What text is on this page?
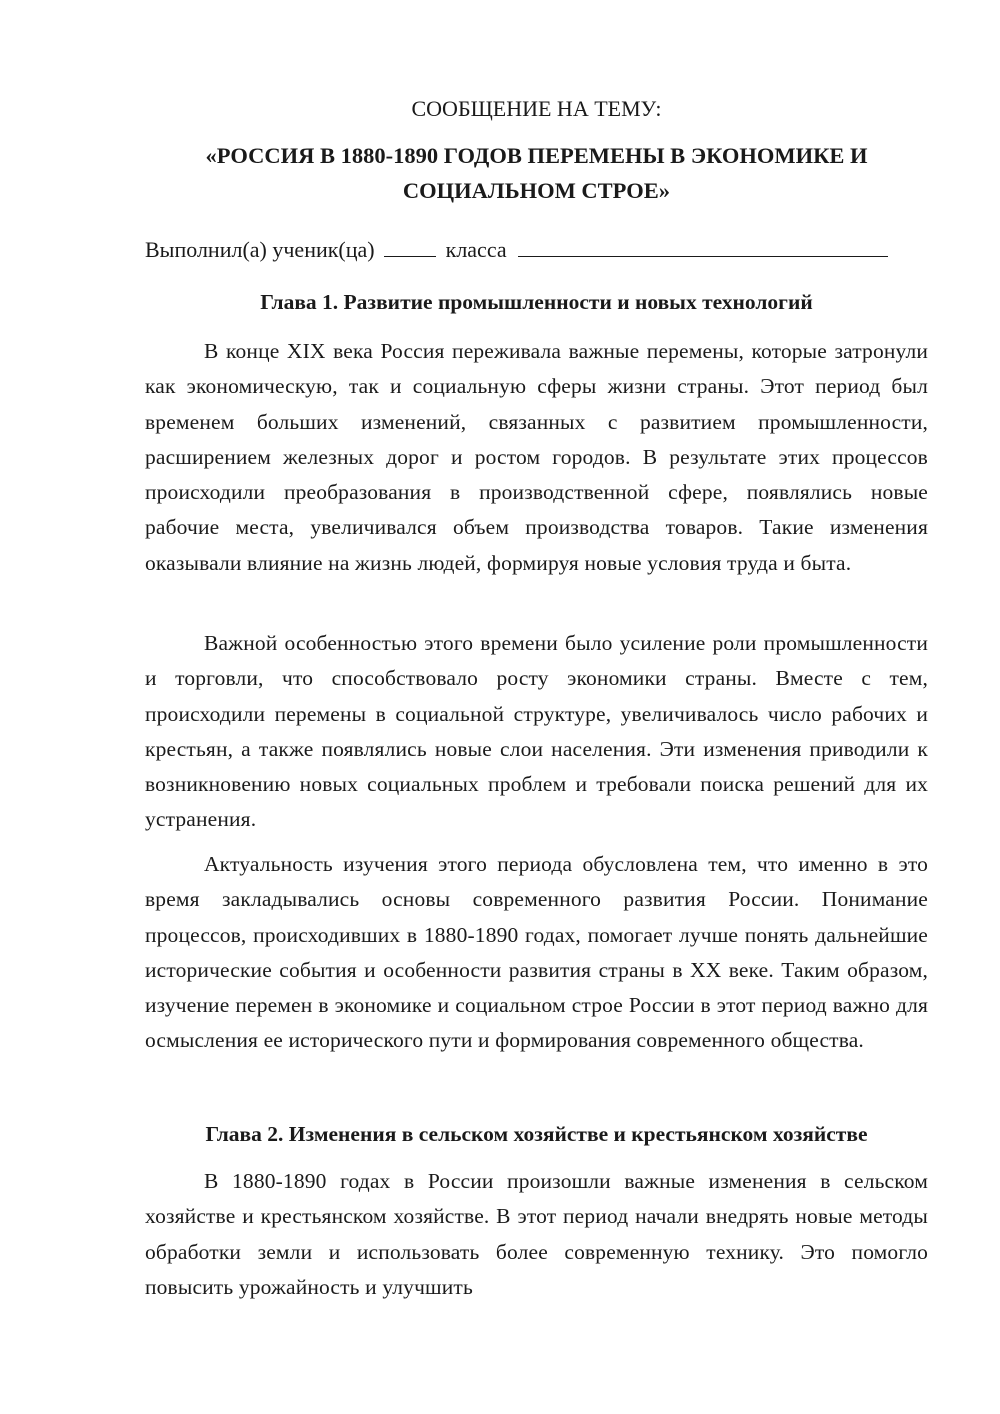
СООБЩЕНИЕ НА ТЕМУ:
«РОССИЯ В 1880-1890 ГОДОВ ПЕРЕМЕНЫ В ЭКОНОМИКЕ И
СОЦИАЛЬНОМ СТРОЕ»
Выполнил(а) ученик(ца)	класса
Глава 1. Развитие промышленности и новых технологий

В конце XIX века Россия переживала важные перемены, которые затронули как экономическую, так и социальную сферы жизни страны. Этот период был временем больших изменений, связанных с развитием промышленности, расширением железных дорог и ростом городов. В результате этих процессов происходили преобразования в производственной сфере, появлялись новые рабочие места, увеличивался объем производства товаров. Такие изменения оказывали влияние на жизнь людей, формируя новые условия труда и быта.

Важной особенностью этого времени было усиление роли промышленности и торговли, что способствовало росту экономики страны. Вместе с тем, происходили перемены в социальной структуре, увеличивалось число рабочих и крестьян, а также появлялись новые слои населения. Эти изменения приводили к возникновению новых социальных проблем и требовали поиска решений для их устранения.

Актуальность изучения этого периода обусловлена тем, что именно в это время закладывались основы современного развития России. Понимание процессов, происходивших в 1880-1890 годах, помогает лучше понять дальнейшие исторические события и особенности развития страны в XX веке. Таким образом, изучение перемен в экономике и социальном строе России в этот период важно для осмысления ее исторического пути и формирования современного общества.

Глава 2. Изменения в сельском хозяйстве и крестьянском хозяйстве

В 1880-1890 годах в России произошли важные изменения в сельском хозяйстве и крестьянском хозяйстве. В этот период начали внедрять новые методы обработки земли и использовать более современную технику. Это помогло повысить урожайность и улучшить
